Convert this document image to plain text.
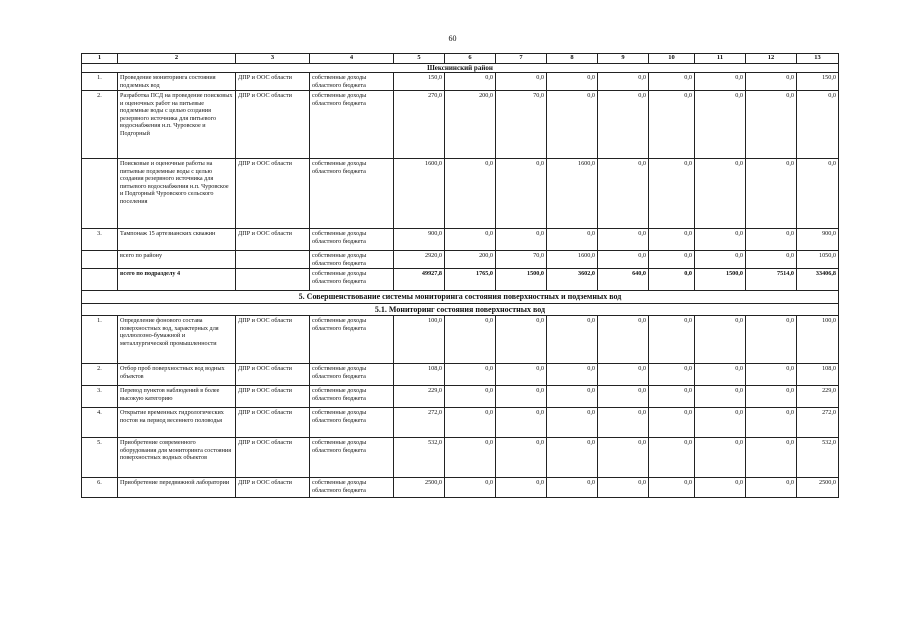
60
1	2	3	4	5	6	7	8	9	10	11	12	13
Шекснинский район												
1.	Проведение мониторинга состояния подземных вод	ДПР и ООС области	собственные доходы областного бюджета	150,0	0,0	0,0	0,0	0,0	0,0	0,0	0,0	150,0
2.	Разработка ПСД на проведение поисковых и оценочных работ на питьевые подземные воды с целью создания резервного источника для питьевого водоснабжения н.п. Чуровское и Подгорный	ДПР и ООС области	собственные доходы областного бюджета	270,0	200,0	70,0	0,0	0,0	0,0	0,0	0,0	0,0
	Поисковые и оценочные работы на питьевые подземные воды с целью создания резервного источника для питьевого водоснабжения н.п. Чуровское и Подгорный Чуровского сельского поселения	ДПР и ООС области	собственные доходы областного бюджета	1600,0	0,0	0,0	1600,0	0,0	0,0	0,0	0,0	0,0
3.	Тампонаж 15 артезианских скважин	ДПР и ООС области	собственные доходы областного бюджета	900,0	0,0	0,0	0,0	0,0	0,0	0,0	0,0	900,0
	всего по району		собственные доходы областного бюджета	2920,0	200,0	70,0	1600,0	0,0	0,0	0,0	0,0	1050,0
	всего по подразделу 4		собственные доходы областного бюджета	49927,8	1765,0	1500,0	3602,0	640,0	0,0	1500,0	7514,0	33406,8
5. Совершенствование системы мониторинга состояния поверхностных и подземных вод												
5.1. Мониторинг состояния поверхностных вод												
1.	Определение фонового состава поверхностных вод, характерных для целлюлозно-бумажной и металлургической промышленности	ДПР и ООС области	собственные доходы областного бюджета	100,0	0,0	0,0	0,0	0,0	0,0	0,0	0,0	100,0
2.	Отбор проб поверхностных вод водных объектов	ДПР и ООС области	собственные доходы областного бюджета	108,0	0,0	0,0	0,0	0,0	0,0	0,0	0,0	108,0
3.	Перевод пунктов наблюдений в более высокую категорию	ДПР и ООС области	собственные доходы областного бюджета	229,0	0,0	0,0	0,0	0,0	0,0	0,0	0,0	229,0
4.	Открытие временных гидрологических постов на период весеннего половодья	ДПР и ООС области	собственные доходы областного бюджета	272,0	0,0	0,0	0,0	0,0	0,0	0,0	0,0	272,0
5.	Приобретение современного оборудования для мониторинга состояния поверхностных водных объектов	ДПР и ООС области	собственные доходы областного бюджета	532,0	0,0	0,0	0,0	0,0	0,0	0,0	0,0	532,0
6.	Приобретение передвижной лаборатории	ДПР и ООС области	собственные доходы областного бюджета	2500,0	0,0	0,0	0,0	0,0	0,0	0,0	0,0	2500,0
